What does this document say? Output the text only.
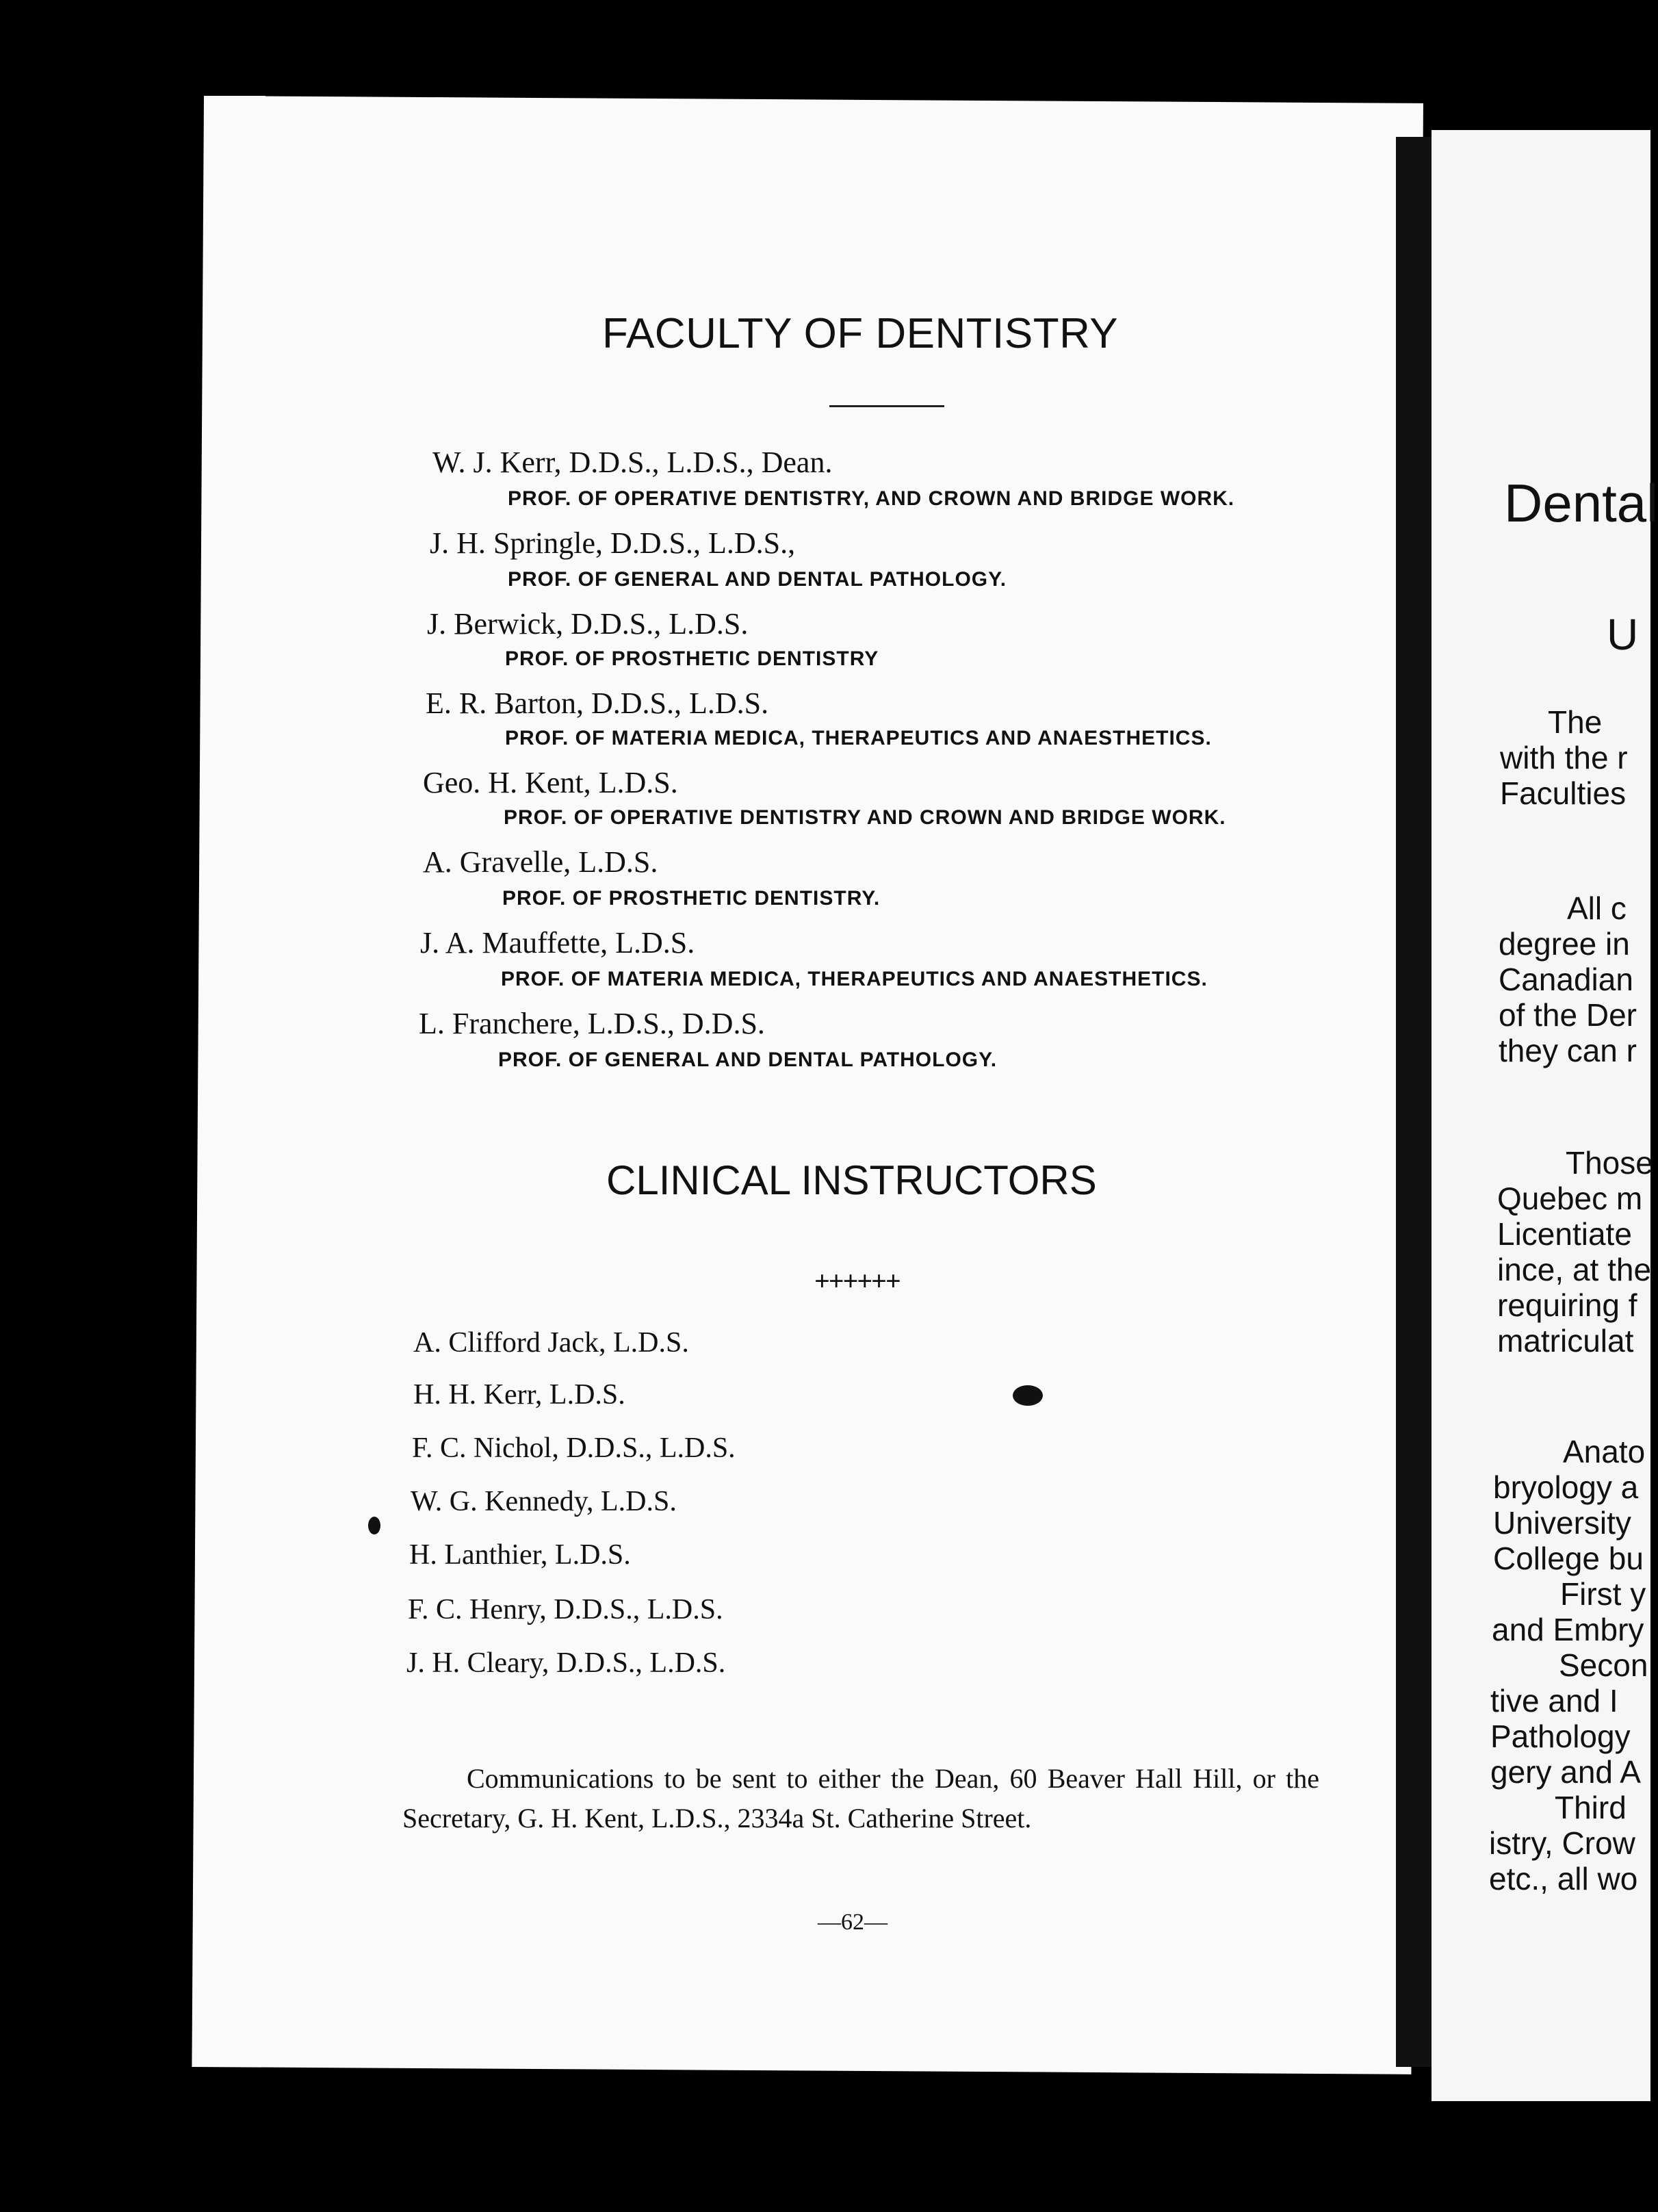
FACULTY OF DENTISTRY
W. J. Kerr, D.D.S., L.D.S., Dean.
PROF. OF OPERATIVE DENTISTRY, AND CROWN AND BRIDGE WORK.
J. H. Springle, D.D.S., L.D.S.,
PROF. OF GENERAL AND DENTAL PATHOLOGY.
J. Berwick, D.D.S., L.D.S.
PROF. OF PROSTHETIC DENTISTRY
E. R. Barton, D.D.S., L.D.S.
PROF. OF MATERIA MEDICA, THERAPEUTICS AND ANAESTHETICS.
Geo. H. Kent, L.D.S.
PROF. OF OPERATIVE DENTISTRY AND CROWN AND BRIDGE WORK.
A. Gravelle, L.D.S.
PROF. OF PROSTHETIC DENTISTRY.
J. A. Mauffette, L.D.S.
PROF. OF MATERIA MEDICA, THERAPEUTICS AND ANAESTHETICS.
L. Franchere, L.D.S., D.D.S.
PROF. OF GENERAL AND DENTAL PATHOLOGY.
CLINICAL INSTRUCTORS
++++++
A. Clifford Jack, L.D.S.
H. H. Kerr, L.D.S.
F. C. Nichol, D.D.S., L.D.S.
W. G. Kennedy, L.D.S.
H. Lanthier, L.D.S.
F. C. Henry, D.D.S., L.D.S.
J. H. Cleary, D.D.S., L.D.S.
Communications to be sent to either the Dean, 60 Beaver Hall Hill, or the Secretary, G. H. Kent, L.D.S., 2334a St. Catherine Street.
—62—
Dental
U
The
with the r
Faculties
All c
degree in
Canadian
of the Der
they can r
Those
Quebec m
Licentiate
ince, at the
requiring f
matriculat
Anato
bryology a
University
College bu
First y
and Embry
Secon
tive and I
Pathology
gery and A
Third
istry, Crow
etc., all wo
